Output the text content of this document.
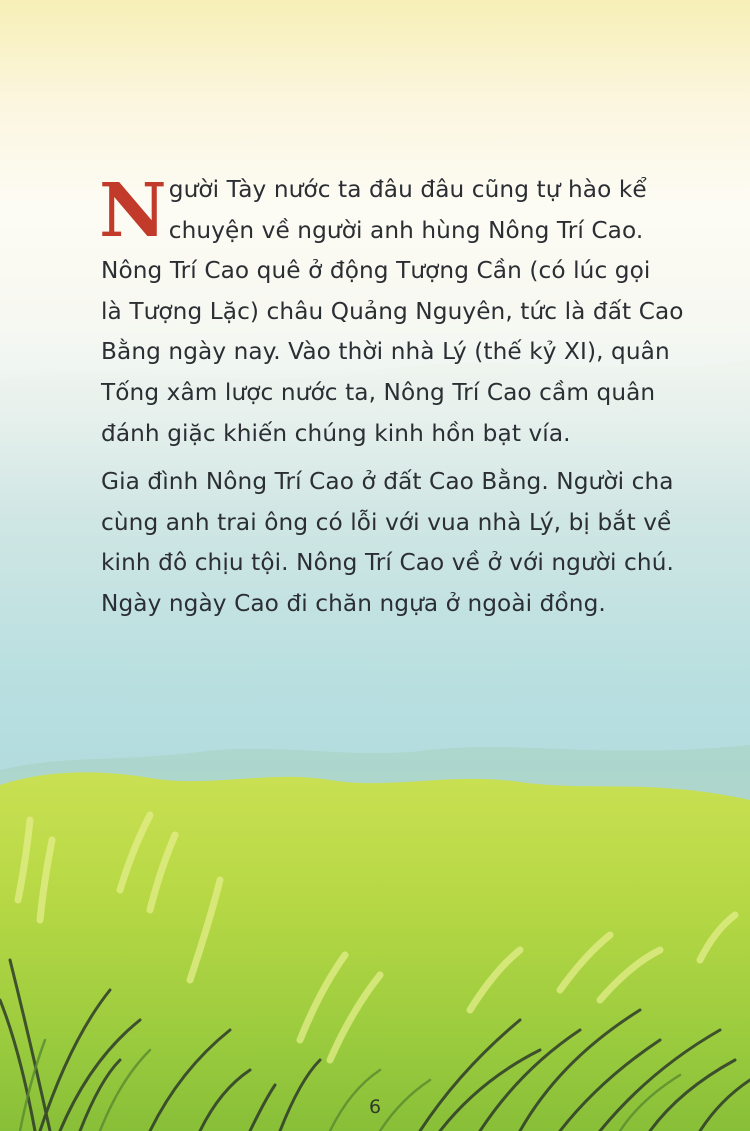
N gười Tày nước ta đâu đâu cũng tự hào kể
chuyện về người anh hùng Nông Trí Cao.
Nông Trí Cao quê ở động Tượng Cần (có lúc gọi
là Tượng Lặc) châu Quảng Nguyên, tức là đất Cao
Bằng ngày nay. Vào thời nhà Lý (thế kỷ XI), quân
Tống xâm lược nước ta, Nông Trí Cao cầm quân
đánh giặc khiến chúng kinh hồn bạt vía.
Gia đình Nông Trí Cao ở đất Cao Bằng. Người cha
cùng anh trai ông có lỗi với vua nhà Lý, bị bắt về
kinh đô chịu tội. Nông Trí Cao về ở với người chú.
Ngày ngày Cao đi chăn ngựa ở ngoài đồng.
6
